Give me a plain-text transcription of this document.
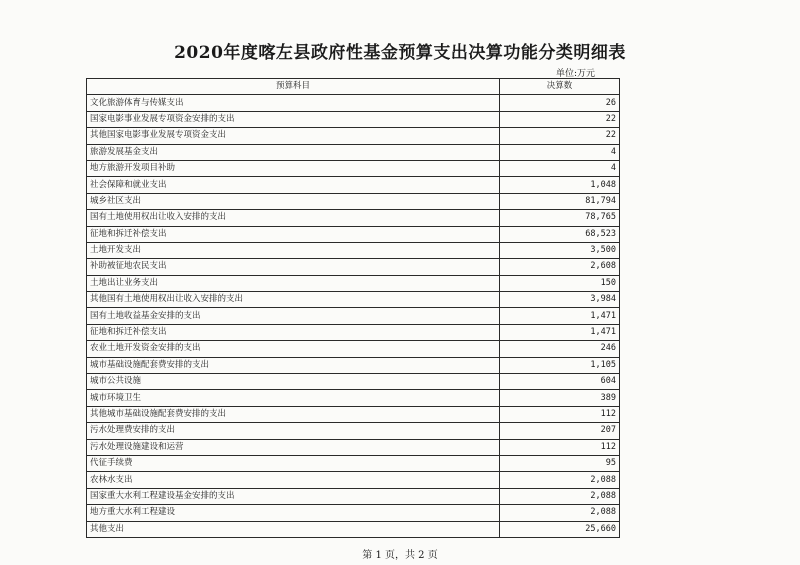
2020年度喀左县政府性基金预算支出决算功能分类明细表
单位:万元
预算科目	决算数
文化旅游体育与传媒支出	26
国家电影事业发展专项资金安排的支出	22
其他国家电影事业发展专项资金支出	22
旅游发展基金支出	4
地方旅游开发项目补助	4
社会保障和就业支出	1,048
城乡社区支出	81,794
国有土地使用权出让收入安排的支出	78,765
征地和拆迁补偿支出	68,523
土地开发支出	3,500
补助被征地农民支出	2,608
土地出让业务支出	150
其他国有土地使用权出让收入安排的支出	3,984
国有土地收益基金安排的支出	1,471
征地和拆迁补偿支出	1,471
农业土地开发资金安排的支出	246
城市基础设施配套费安排的支出	1,105
城市公共设施	604
城市环境卫生	389
其他城市基础设施配套费安排的支出	112
污水处理费安排的支出	207
污水处理设施建设和运营	112
代征手续费	95
农林水支出	2,088
国家重大水利工程建设基金安排的支出	2,088
地方重大水利工程建设	2,088
其他支出	25,660
第 1 页，共 2 页
